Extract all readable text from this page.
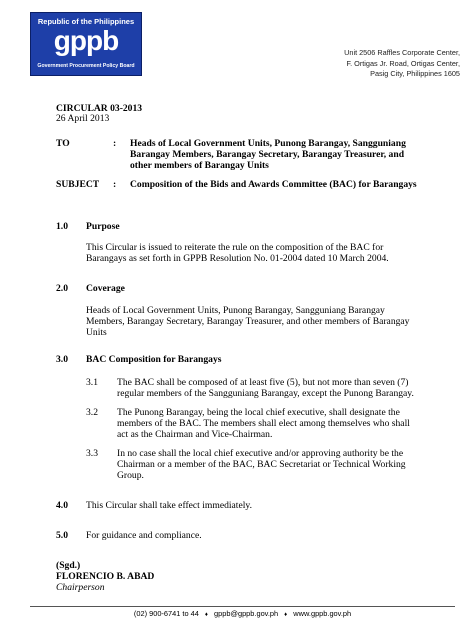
Republic of the Philippines
gppb
Government Procurement Policy Board
Unit 2506 Raffles Corporate Center,
F. Ortigas Jr. Road, Ortigas Center,
Pasig City, Philippines 1605
CIRCULAR 03-2013
26 April 2013
TO	: Heads of Local Government Units, Punong Barangay, Sangguniang
Barangay Members, Barangay Secretary, Barangay Treasurer, and
other members of Barangay Units
SUBJECT : Composition of the Bids and Awards Committee (BAC) for Barangays
1.0 Purpose
This Circular is issued to reiterate the rule on the composition of the BAC for
Barangays as set forth in GPPB Resolution No. 01-2004 dated 10 March 2004.
2.0 Coverage
Heads of Local Government Units, Punong Barangay, Sangguniang Barangay
Members, Barangay Secretary, Barangay Treasurer, and other members of Barangay
Units
3.0 BAC Composition for Barangays
3.1 The BAC shall be composed of at least five (5), but not more than seven (7)
regular members of the Sangguniang Barangay, except the Punong Barangay.
3.2 The Punong Barangay, being the local chief executive, shall designate the
members of the BAC. The members shall elect among themselves who shall
act as the Chairman and Vice-Chairman.
3.3 In no case shall the local chief executive and/or approving authority be the
Chairman or a member of the BAC, BAC Secretariat or Technical Working
Group.
4.0 This Circular shall take effect immediately.
5.0 For guidance and compliance.
(Sgd.)
FLORENCIO B. ABAD
Chairperson
(02) 900-6741 to 44 ♦ gppb@gppb.gov.ph ♦ www.gppb.gov.ph
